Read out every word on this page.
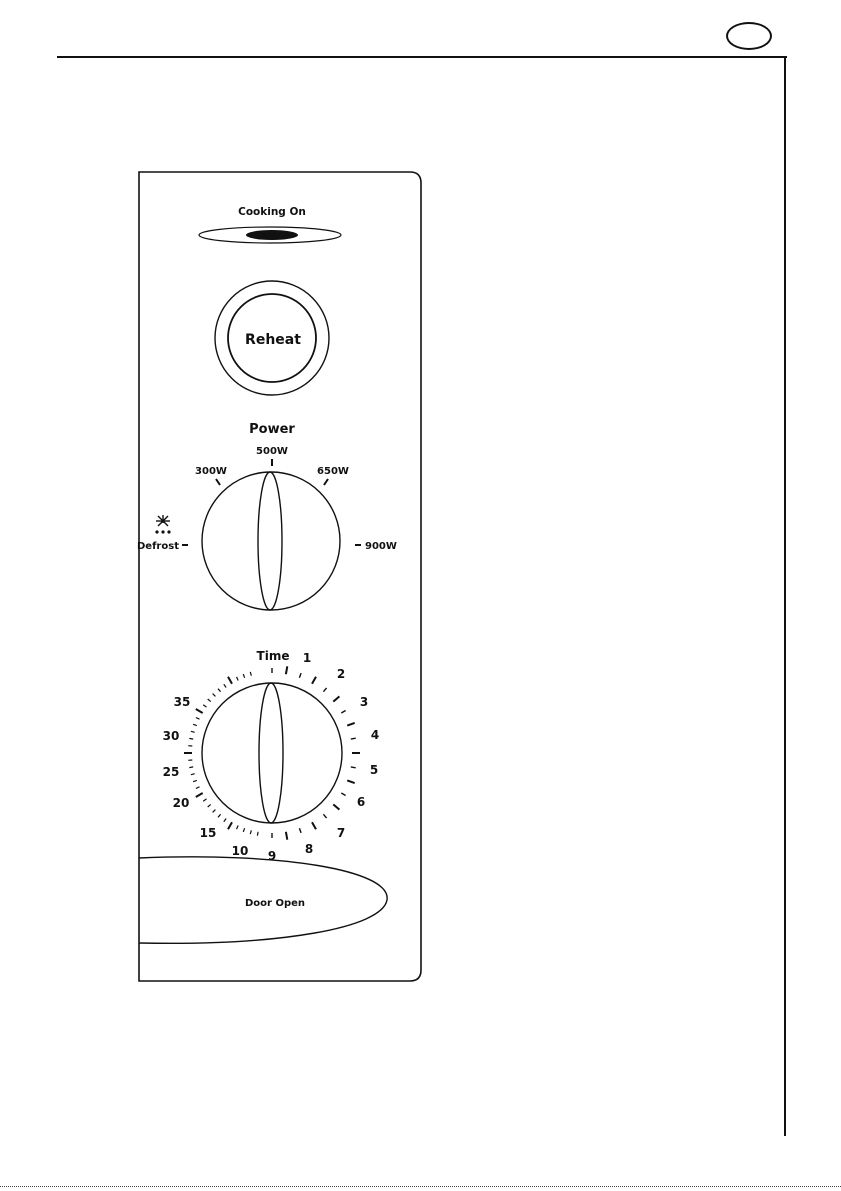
Cooking On
Reheat
Power
500W
300W	650W
900W
Defrost
Time 1
2
3
4
5
6
7
8
9
10
15
20
25
30
35
Door Open
